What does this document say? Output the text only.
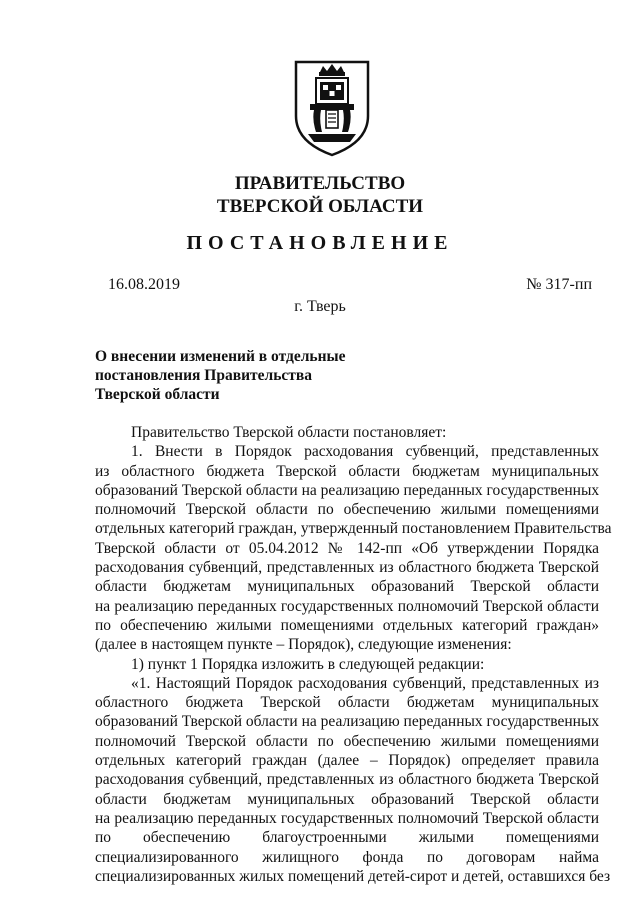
ПРАВИТЕЛЬСТВО
ТВЕРСКОЙ ОБЛАСТИ
ПОСТАНОВЛЕНИЕ
16.08.2019	№ 317-пп
г. Тверь
О внесении изменений в отдельные
постановления Правительства
Тверской области
Правительство Тверской области постановляет:
1. Внести в Порядок расходования субвенций, представленных
из областного бюджета Тверской области бюджетам муниципальных
образований Тверской области на реализацию переданных государственных
полномочий Тверской области по обеспечению жилыми помещениями
отдельных категорий граждан, утвержденный постановлением Правительства
Тверской области от 05.04.2012 № 142-пп «Об утверждении Порядка
расходования субвенций, представленных из областного бюджета Тверской
области бюджетам муниципальных образований Тверской области
на реализацию переданных государственных полномочий Тверской области
по обеспечению жилыми помещениями отдельных категорий граждан»
(далее в настоящем пункте – Порядок), следующие изменения:
1) пункт 1 Порядка изложить в следующей редакции:
«1. Настоящий Порядок расходования субвенций, представленных из
областного бюджета Тверской области бюджетам муниципальных
образований Тверской области на реализацию переданных государственных
полномочий Тверской области по обеспечению жилыми помещениями
отдельных категорий граждан (далее – Порядок) определяет правила
расходования субвенций, представленных из областного бюджета Тверской
области бюджетам муниципальных образований Тверской области
на реализацию переданных государственных полномочий Тверской области
по обеспечению благоустроенными жилыми помещениями
специализированного жилищного фонда по договорам найма
специализированных жилых помещений детей-сирот и детей, оставшихся без
